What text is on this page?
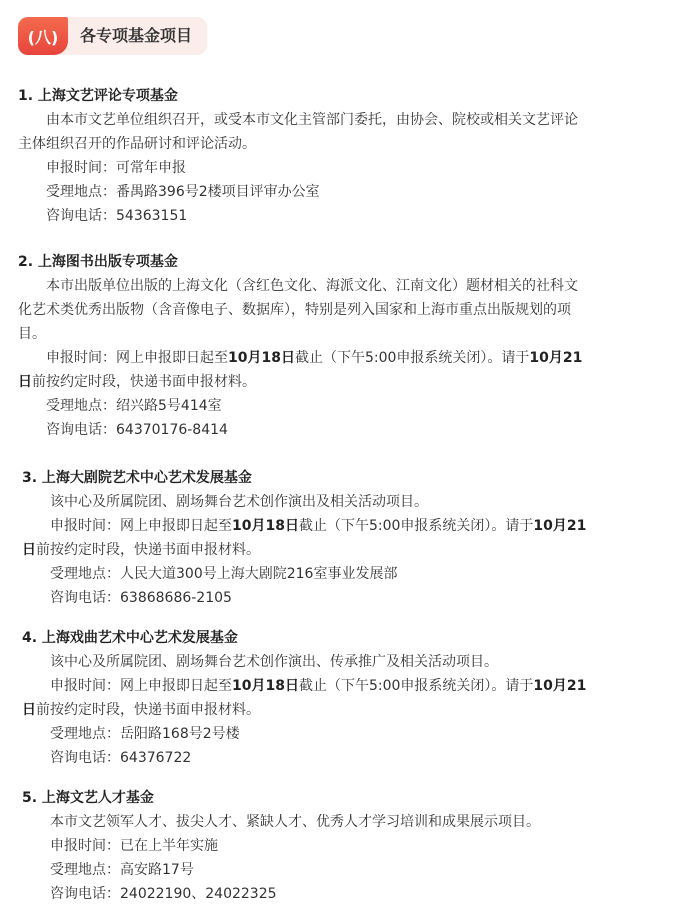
(八)	各专项基金项目
1. 上海文艺评论专项基金
由本市文艺单位组织召开，或受本市文化主管部门委托，由协会、院校或相关文艺评论
主体组织召开的作品研讨和评论活动。
申报时间：可常年申报
受理地点：番禺路396号2楼项目评审办公室
咨询电话：54363151
2. 上海图书出版专项基金
本市出版单位出版的上海文化（含红色文化、海派文化、江南文化）题材相关的社科文
化艺术类优秀出版物（含音像电子、数据库），特别是列入国家和上海市重点出版规划的项
目。
申报时间：网上申报即日起至10月18日截止（下午5:00申报系统关闭）。请于10月21
日前按约定时段，快递书面申报材料。
受理地点：绍兴路5号414室
咨询电话：64370176-8414
3. 上海大剧院艺术中心艺术发展基金
该中心及所属院团、剧场舞台艺术创作演出及相关活动项目。
申报时间：网上申报即日起至10月18日截止（下午5:00申报系统关闭）。请于10月21
日前按约定时段，快递书面申报材料。
受理地点：人民大道300号上海大剧院216室事业发展部
咨询电话：63868686-2105
4. 上海戏曲艺术中心艺术发展基金
该中心及所属院团、剧场舞台艺术创作演出、传承推广及相关活动项目。
申报时间：网上申报即日起至10月18日截止（下午5:00申报系统关闭）。请于10月21
日前按约定时段，快递书面申报材料。
受理地点：岳阳路168号2号楼
咨询电话：64376722
5. 上海文艺人才基金
本市文艺领军人才、拔尖人才、紧缺人才、优秀人才学习培训和成果展示项目。
申报时间：已在上半年实施
受理地点：高安路17号
咨询电话：24022190、24022325
